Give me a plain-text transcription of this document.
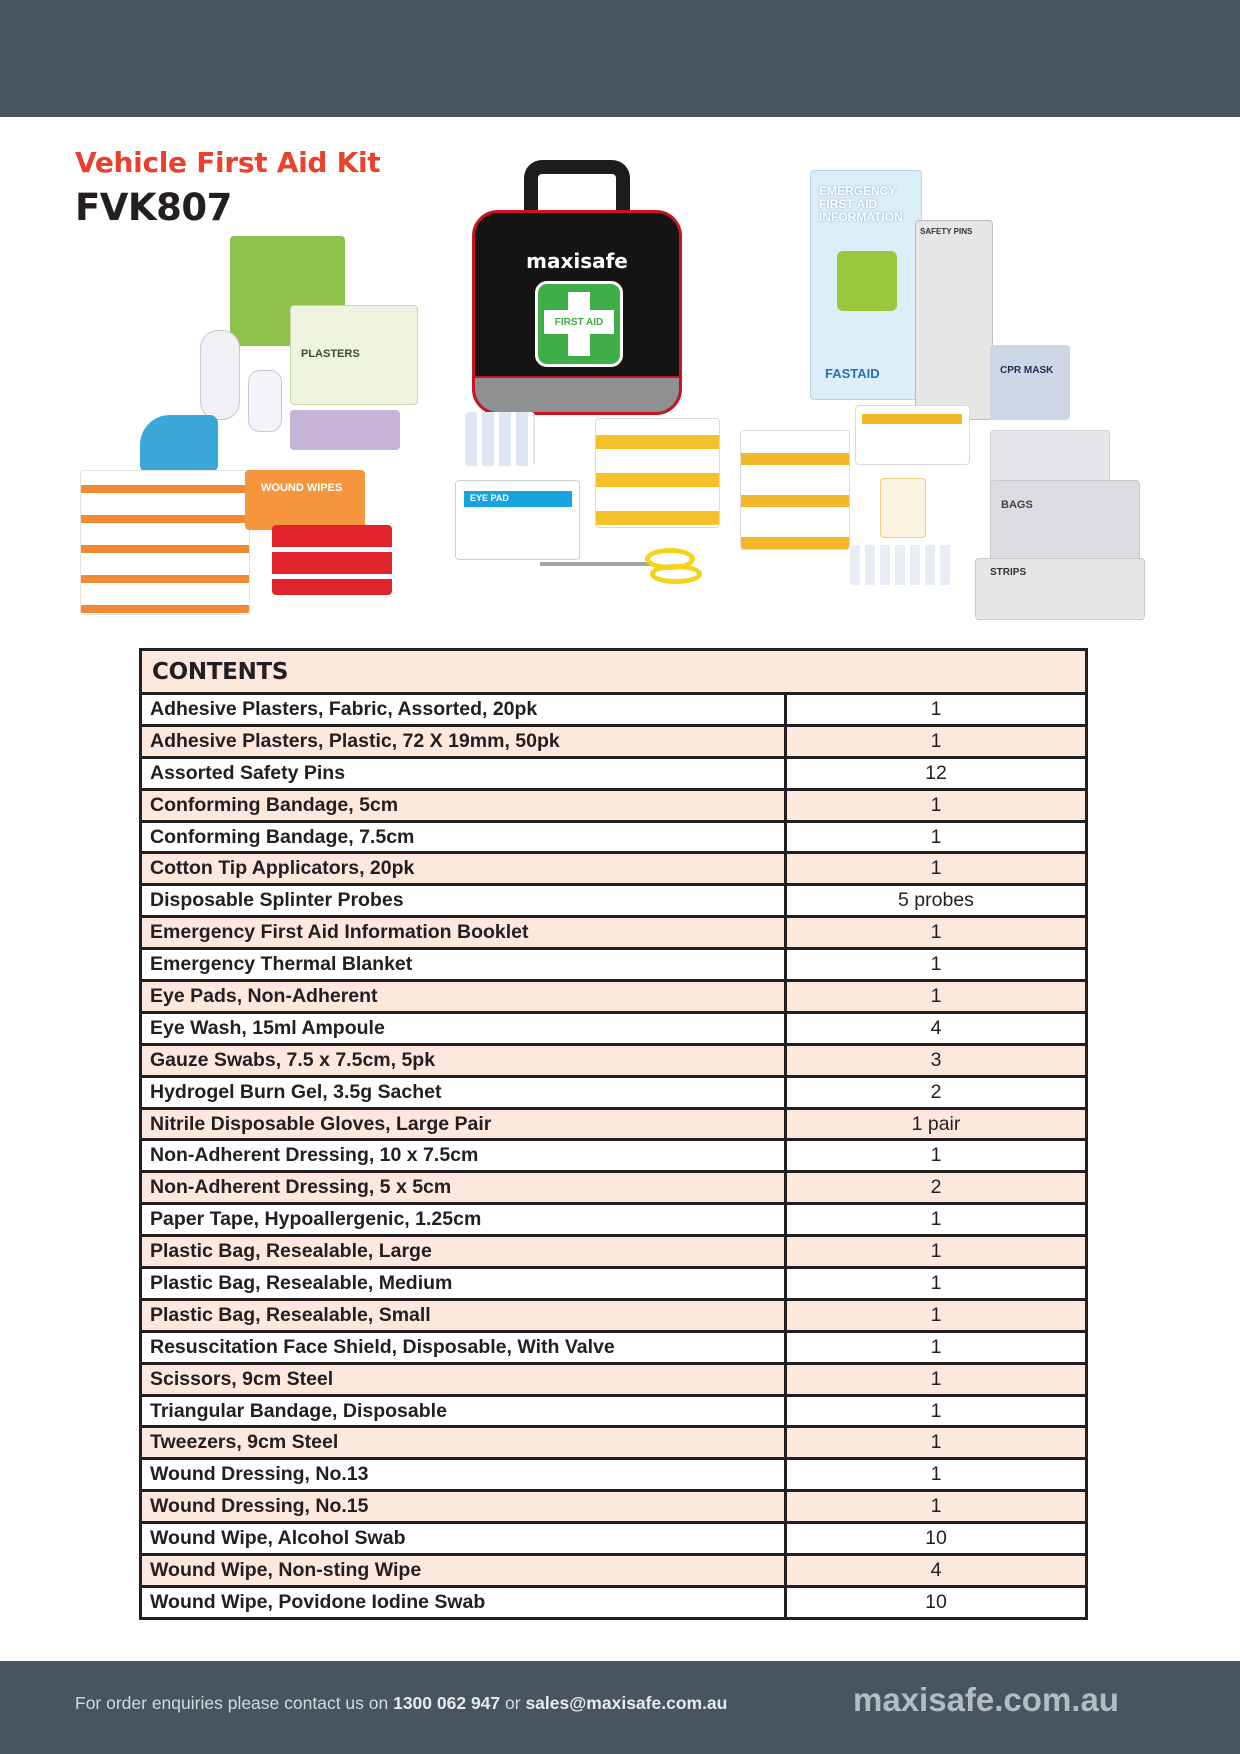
Vehicle First Aid Kit
FVK807
maxisafe
FIRST AID
EMERGENCY FIRST AID INFORMATION
FASTAID
SAFETY PINS
CPR MASK
PLASTERS
WOUND WIPES
EYE PAD
BAGS
STRIPS
CONTENTS	
Adhesive Plasters, Fabric, Assorted, 20pk	1
Adhesive Plasters, Plastic, 72 X 19mm, 50pk	1
Assorted Safety Pins	12
Conforming Bandage, 5cm	1
Conforming Bandage, 7.5cm	1
Cotton Tip Applicators, 20pk	1
Disposable Splinter Probes	5 probes
Emergency First Aid Information Booklet	1
Emergency Thermal Blanket	1
Eye Pads, Non-Adherent	1
Eye Wash, 15ml Ampoule	4
Gauze Swabs, 7.5 x 7.5cm, 5pk	3
Hydrogel Burn Gel, 3.5g Sachet	2
Nitrile Disposable Gloves, Large Pair	1 pair
Non-Adherent Dressing, 10 x 7.5cm	1
Non-Adherent Dressing, 5 x 5cm	2
Paper Tape, Hypoallergenic, 1.25cm	1
Plastic Bag, Resealable, Large	1
Plastic Bag, Resealable, Medium	1
Plastic Bag, Resealable, Small	1
Resuscitation Face Shield, Disposable, With Valve	1
Scissors, 9cm Steel	1
Triangular Bandage, Disposable	1
Tweezers, 9cm Steel	1
Wound Dressing, No.13	1
Wound Dressing, No.15	1
Wound Wipe, Alcohol Swab	10
Wound Wipe, Non-sting Wipe	4
Wound Wipe, Povidone Iodine Swab	10
For order enquiries please contact us on 1300 062 947 or sales@maxisafe.com.au	maxisafe.com.au
